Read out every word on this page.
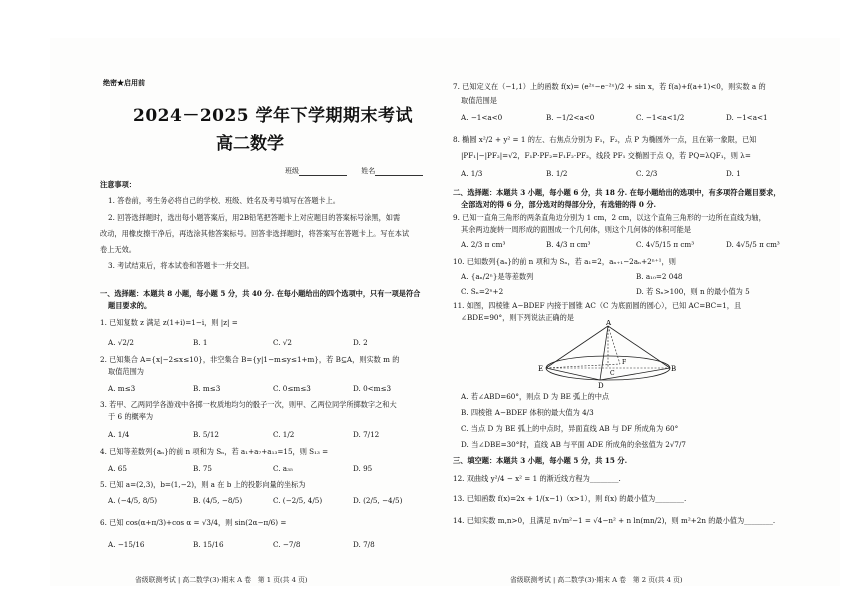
绝密★启用前
2024－2025 学年下学期期末考试
高二数学
班级	姓名
注意事项：
1. 答卷前，考生务必将自己的学校、班级、姓名及考号填写在答题卡上。
2. 回答选择题时，选出每小题答案后，用2B铅笔把答题卡上对应题目的答案标号涂黑，如需
改动，用橡皮擦干净后，再选涂其他答案标号。回答非选择题时，将答案写在答题卡上。写在本试
卷上无效。
3. 考试结束后，将本试卷和答题卡一并交回。
一、选择题：本题共 8 小题，每小题 5 分，共 40 分. 在每小题给出的四个选项中，只有一项是符合
题目要求的。
1. 已知复数 z 满足 z(1+i)=1−i，则 |z| =
A. √2/2	B. 1	C. √2	D. 2
2. 已知集合 A={x|−2≤x≤10}，非空集合 B={y|1−m≤y≤1+m}，若 B⊆A，则实数 m 的
取值范围为
A. m≤3	B. m≤3	C. 0≤m≤3	D. 0<m≤3
3. 若甲、乙两同学各游戏中各掷一枚质地均匀的骰子一次，则甲、乙两位同学所掷数字之和大
于 6 的概率为
A. 1/4	B. 5/12	C. 1/2	D. 7/12
4. 已知等差数列{aₙ}的前 n 项和为 Sₙ，若 a₁+a₇+a₁₃=15，则 S₁₃ =
A. 65	B. 75	C. a₃₅	D. 95
5. 已知 a=(2,3)，b=(1,−2)，则 a 在 b 上的投影向量的坐标为
A. (−4/5, 8/5)	B. (4/5, −8/5)	C. (−2/5, 4/5)	D. (2/5, −4/5)
6. 已知 cos(α+π/3)+cos α = √3/4，则 sin(2α−π/6) =
A. −15/16	B. 15/16	C. −7/8	D. 7/8
省级联测考试 | 高二数学(3)·期末 A 卷　第 1 页(共 4 页)
7. 已知定义在（−1,1）上的函数 f(x)= (e²ˣ−e⁻²ˣ)/2 + sin x，若 f(a)+f(a+1)<0，则实数 a 的
取值范围是
A. −1<a<0	B. −1/2<a<0	C. −1<a<1/2	D. −1<a<1
8. 椭圆 x²/2 + y² = 1 的左、右焦点分别为 F₁，F₂，点 P 为椭圆外一点，且在第一象限，已知
|PF₁|−|PF₂|=√2，F₁P·PF₂=F₁F₂·PF₂，线段 PF₁ 交椭圆于点 Q，若 PQ=λQF₁，则 λ=
A. 1/3	B. 1/2	C. 2/3	D. 1
二、选择题：本题共 3 小题，每小题 6 分，共 18 分. 在每小题给出的选项中，有多项符合题目要求，
全部选对的得 6 分，部分选对的得部分分，有选错的得 0 分.
9. 已知一直角三角形的两条直角边分别为 1 cm，2 cm，以这个直角三角形的一边所在直线为轴，
其余两边旋转一周形成的面围成一个几何体，则这个几何体的体积可能是
A. 2/3 π cm³	B. 4/3 π cm³	C. 4√5/15 π cm³	D. 4√5/5 π cm³
10. 已知数列{aₙ}的前 n 项和为 Sₙ，若 a₁=2，aₙ₊₁−2aₙ+2ⁿ⁺¹，则
A. {aₙ/2ⁿ}是等差数列	B. a₁₀=2 048
C. Sₙ=2ⁿ+2	D. 若 Sₙ>100，则 n 的最小值为 5
11. 如图，四棱锥 A−BDEF 内接于圆锥 AC（C 为底面圆的圆心），已知 AC=BC=1，且
∠BDE=90°，则下列说法正确的是
A
E	B
C
F
D
A. 若∠ABD=60°，则点 D 为 BE 弧上的中点
B. 四棱锥 A−BDEF 体积的最大值为 4/3
C. 当点 D 为 BE 弧上的中点时，异面直线 AB 与 DF 所成角为 60°
D. 当∠DBE=30°时，直线 AB 与平面 ADE 所成角的余弦值为 2√7/7
三、填空题：本题共 3 小题，每小题 5 分，共 15 分.
12. 双曲线 y²/4 − x² = 1 的渐近线方程为________.
13. 已知函数 f(x)=2x + 1/(x−1)（x>1），则 f(x) 的最小值为________.
14. 已知实数 m,n>0，且满足 n√m²−1 = √4−n² + n ln(mn/2)，则 m²+2n 的最小值为________.
省级联测考试 | 高二数学(3)·期末 A 卷　第 2 页(共 4 页)
